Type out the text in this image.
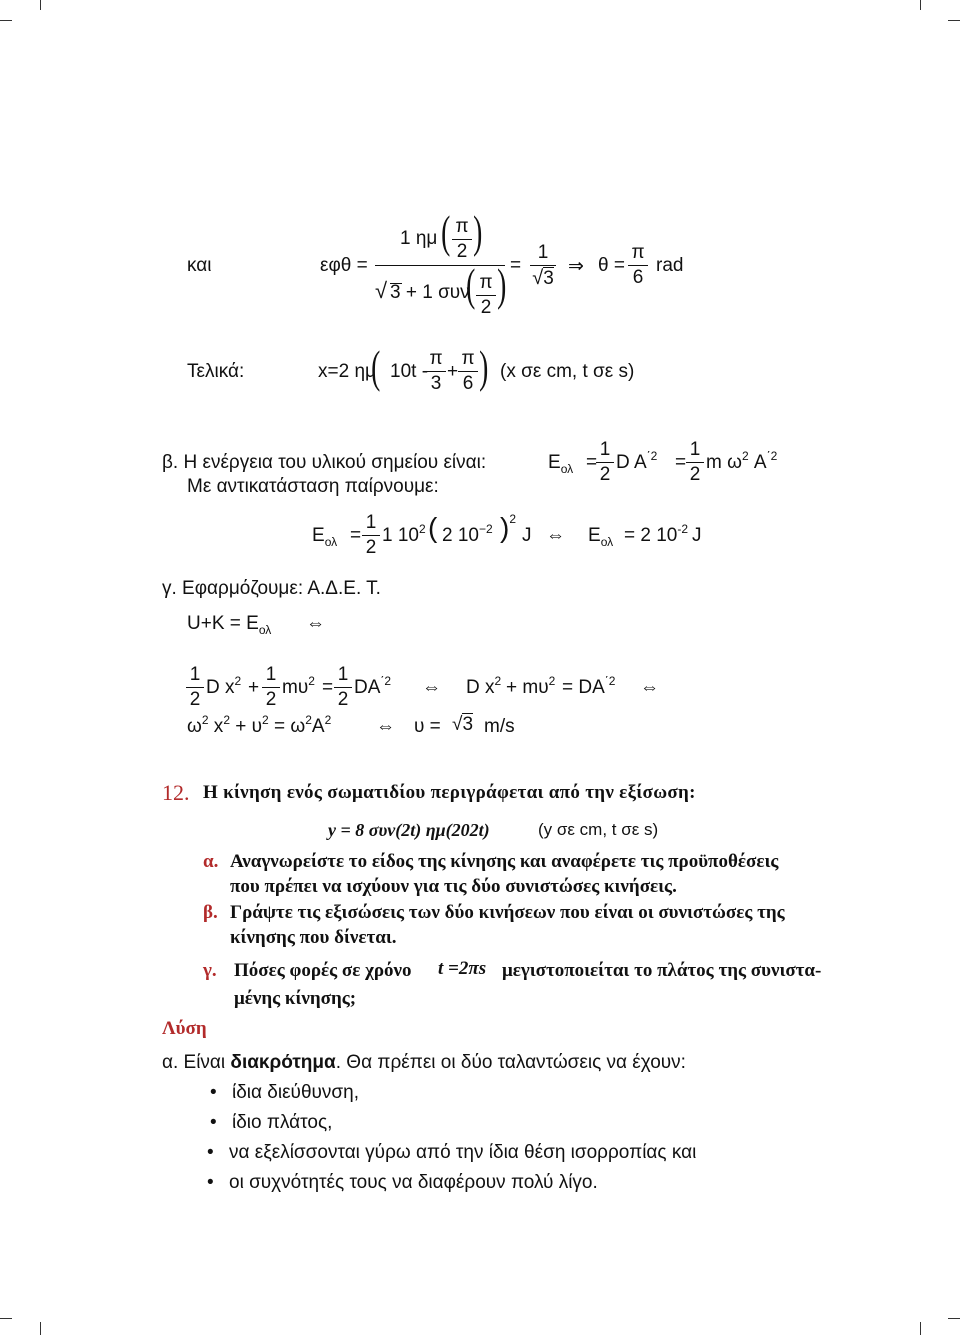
και	εφθ =
1 ημ ( π
2 )
√ 3 + 1 συν
( π
2 ) =
1
√3
⇒ θ =
π
6
rad
Τελικά:	x=2 ημ
( 10t -
π
3
+
π
6 ) (x σε cm, t σε s)
β. Η ενέργεια του υλικού σημείου είναι:	$E_{o\lambda}$ =
1
2
D $A^{΄2}$ =
1
2
m $\omega^2$ $A^{΄2}$
Με αντικατάσταση παίρνουμε:
$E_{o\lambda}$ =
1
2
1 $10^2$ ( 2 $10^{-2}$ )$^2$
J ⇔ $E_{o\lambda} = 2$ $10^{-2}$ J
γ. Εφαρμόζουμε: Α.Δ.Ε. Τ.
$U+K = E_{o\lambda}$ ⇔
1
2
D $x^2$ +
1
2
$m\upsilon^2$ =
1
2
$DA^{΄2}$ ⇔ D $x^2 + m\upsilon^2 = DA^{΄2}$ ⇔
$\omega^2$ $x^2 + \upsilon^2 = \omega^2A^2$ ⇔ υ = √3 m/s
12. Η κίνηση ενός σωματιδίου περιγράφεται από την εξίσωση:
y = 8 συν(2t) ημ(202t)	(y σε cm, t σε s)
α. Αναγνωρείστε το είδος της κίνησης και αναφέρετε τις προϋποθέσεις
που πρέπει να ισχύουν για τις δύο συνιστώσες κινήσεις.
β. Γράψτε τις εξισώσεις των δύο κινήσεων που είναι οι συνιστώσες της
κίνησης που δίνεται.
γ. Πόσες φορές σε χρόνο t =2πs μεγιστοποιείται το πλάτος της συνιστα-
μένης κίνησης;
Λύση
α. Είναι διακρότημα. Θα πρέπει οι δύο ταλαντώσεις να έχουν:
• ίδια διεύθυνση,
• ίδιο πλάτος,
• να εξελίσσονται γύρω από την ίδια θέση ισορροπίας και
• οι συχνότητές τους να διαφέρουν πολύ λίγο.
